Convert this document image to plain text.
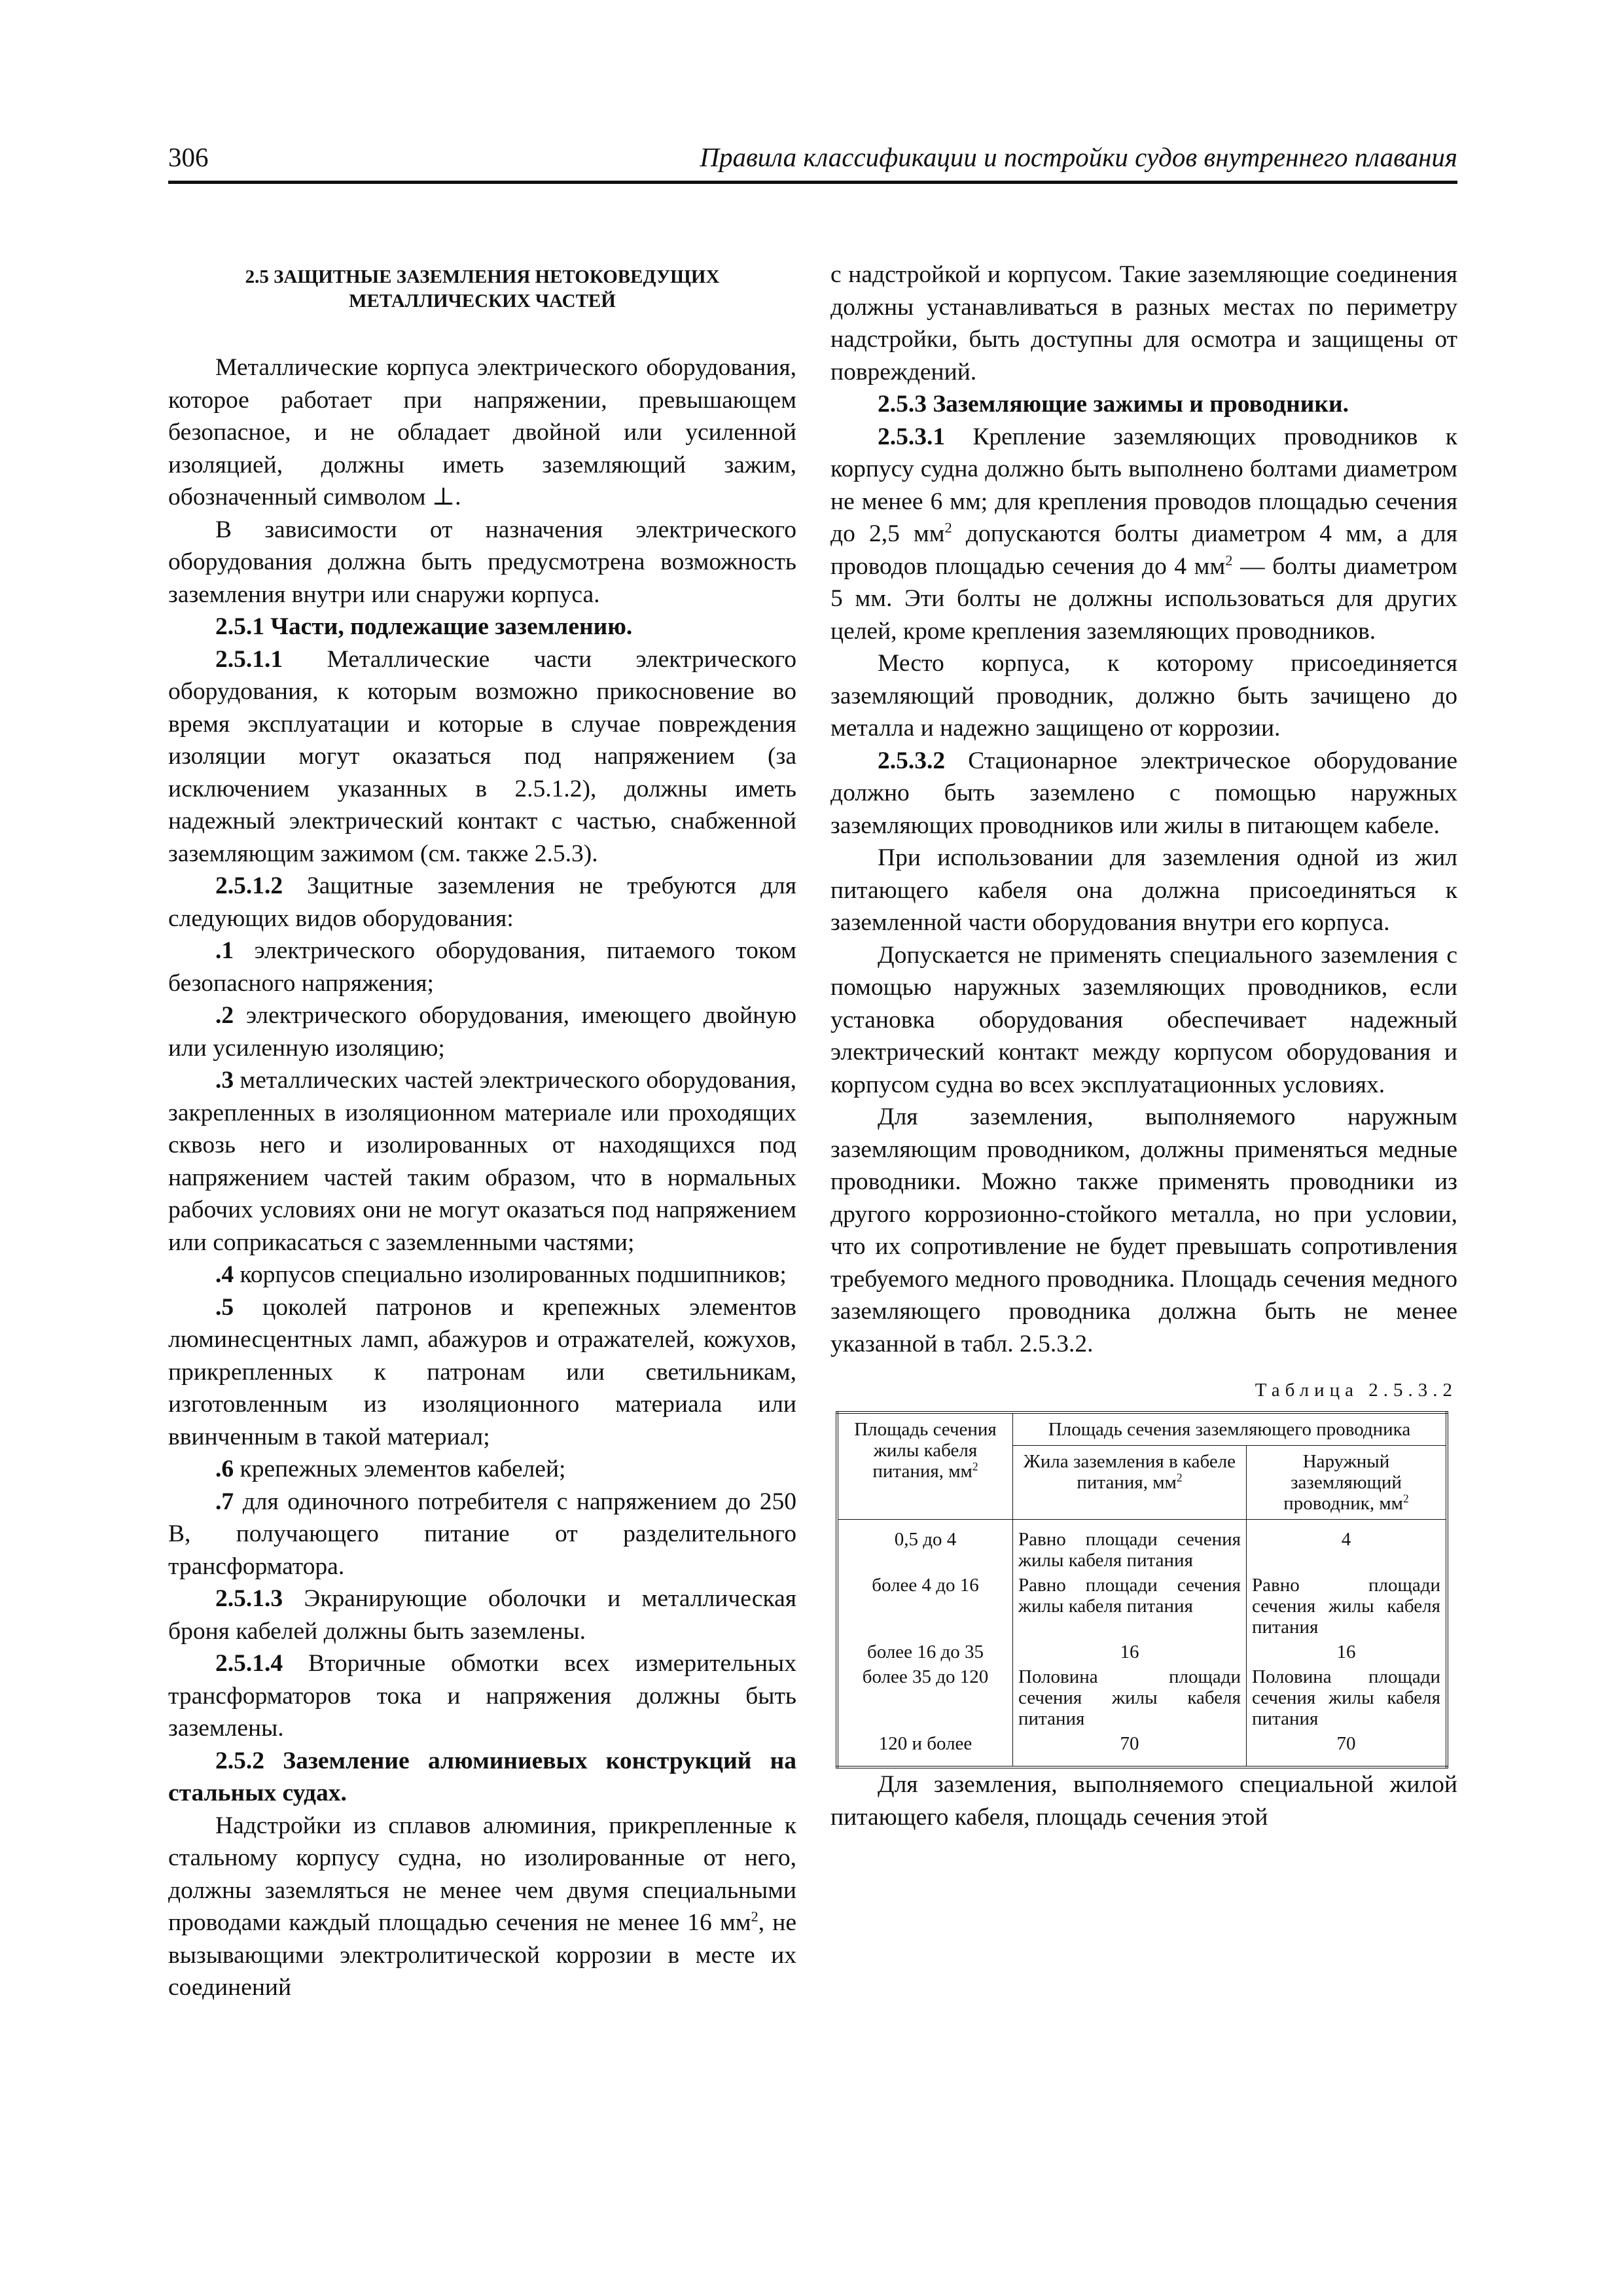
306	Правила классификации и постройки судов внутреннего плавания
2.5 ЗАЩИТНЫЕ ЗАЗЕМЛЕНИЯ НЕТОКОВЕДУЩИХ МЕТАЛЛИЧЕСКИХ ЧАСТЕЙ

Металлические корпуса электрического оборудования, которое работает при напряжении, превышающем безопасное, и не обладает двойной или усиленной изоляцией, должны иметь заземляющий зажим, обозначенный символом ⊥.

В зависимости от назначения электрического оборудования должна быть предусмотрена возможность заземления внутри или снаружи корпуса.

2.5.1 Части, подлежащие заземлению.

2.5.1.1 Металлические части электрического оборудования, к которым возможно прикосновение во время эксплуатации и которые в случае повреждения изоляции могут оказаться под напряжением (за исключением указанных в 2.5.1.2), должны иметь надежный электрический контакт с частью, снабженной заземляющим зажимом (см. также 2.5.3).

2.5.1.2 Защитные заземления не требуются для следующих видов оборудования:

.1 электрического оборудования, питаемого током безопасного напряжения;

.2 электрического оборудования, имеющего двойную или усиленную изоляцию;

.3 металлических частей электрического оборудования, закрепленных в изоляционном материале или проходящих сквозь него и изолированных от находящихся под напряжением частей таким образом, что в нормальных рабочих условиях они не могут оказаться под напряжением или соприкасаться с заземленными частями;

.4 корпусов специально изолированных подшипников;

.5 цоколей патронов и крепежных элементов люминесцентных ламп, абажуров и отражателей, кожухов, прикрепленных к патронам или светильникам, изготовленным из изоляционного материала или ввинченным в такой материал;

.6 крепежных элементов кабелей;

.7 для одиночного потребителя с напряжением до 250 В, получающего питание от разделительного трансформатора.

2.5.1.3 Экранирующие оболочки и металлическая броня кабелей должны быть заземлены.

2.5.1.4 Вторичные обмотки всех измерительных трансформаторов тока и напряжения должны быть заземлены.

2.5.2 Заземление алюминиевых конструкций на стальных судах.

Надстройки из сплавов алюминия, прикрепленные к стальному корпусу судна, но изолированные от него, должны заземляться не менее чем двумя специальными проводами каждый площадью сечения не менее 16 $мм^2$, не вызывающими электролитической коррозии в месте их соединений

с надстройкой и корпусом. Такие заземляющие соединения должны устанавливаться в разных местах по периметру надстройки, быть доступны для осмотра и защищены от повреждений.

2.5.3 Заземляющие зажимы и проводники.

2.5.3.1 Крепление заземляющих проводников к корпусу судна должно быть выполнено болтами диаметром не менее 6 мм; для крепления проводов площадью сечения до 2,5 $мм^2$ допускаются болты диаметром 4 мм, а для проводов площадью сечения до 4 $мм^2$ — болты диаметром 5 мм. Эти болты не должны использоваться для других целей, кроме крепления заземляющих проводников.

Место корпуса, к которому присоединяется заземляющий проводник, должно быть зачищено до металла и надежно защищено от коррозии.

2.5.3.2 Стационарное электрическое оборудование должно быть заземлено с помощью наружных заземляющих проводников или жилы в питающем кабеле.

При использовании для заземления одной из жил питающего кабеля она должна присоединяться к заземленной части оборудования внутри его корпуса.

Допускается не применять специального заземления с помощью наружных заземляющих проводников, если установка оборудования обеспечивает надежный электрический контакт между корпусом оборудования и корпусом судна во всех эксплуатационных условиях.

Для заземления, выполняемого наружным заземляющим проводником, должны применяться медные проводники. Можно также применять проводники из другого коррозионно-стойкого металла, но при условии, что их сопротивление не будет превышать сопротивления требуемого медного проводника. Площадь сечения медного заземляющего проводника должна быть не менее указанной в табл. 2.5.3.2.

Таблица 2.5.3.2
Площадь сечения жилы кабеля питания, $мм^2$	Площадь сечения заземляющего проводника	
	Жила заземления в кабеле питания, $мм^2$	Наружный заземляющий проводник, $мм^2$
0,5 до 4	Равно площади сечения жилы кабеля питания	4
более 4 до 16	Равно площади сечения жилы кабеля питания	Равно площади сечения жилы кабеля питания
более 16 до 35	16	16
более 35 до 120	Половина площади сечения жилы кабеля питания	Половина площади сечения жилы кабеля питания
120 и более	70	70

Для заземления, выполняемого специальной жилой питающего кабеля, площадь сечения этой
